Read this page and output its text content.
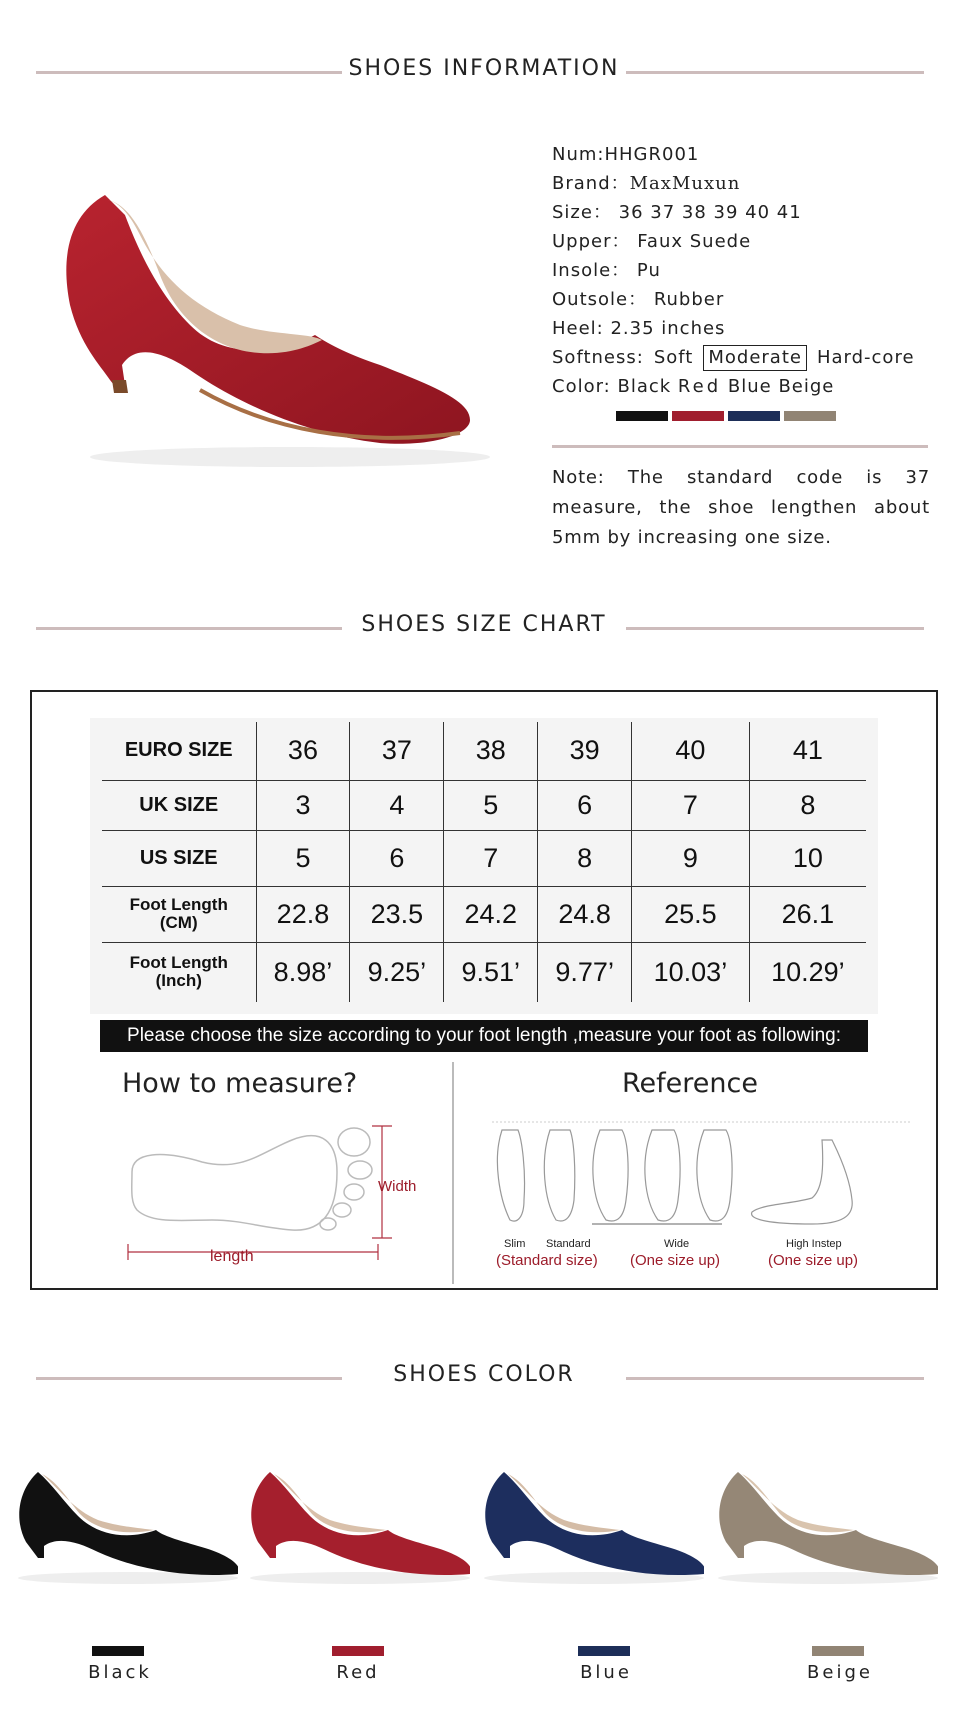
SHOES INFORMATION
Num:HHGR001
Brand：MaxMuxun
Size： 36 37 38 39 40 41
Upper： Faux Suede
Insole： Pu
Outsole： Rubber
Heel: 2.35 inches
Softness: Soft Moderate Hard-core
Color: Black Red Blue Beige
Note: The standard code is 37 measure, the shoe lengthen about 5mm by increasing one size.
SHOES SIZE CHART
EURO SIZE	36	37	38	39	40	41
UK SIZE	3	4	5	6	7	8
US SIZE	5	6	7	8	9	10

Foot Length
(CM)	22.8	23.5	24.2	24.8	25.5	26.1

Foot Length
(Inch)	8.98’	9.25’	9.51’	9.77’	10.03’	10.29’
Please choose the size according to your foot length ,measure your foot as following:
How to measure?	Reference
Width
length
Slim Standard	Wide	High Instep
(Standard size) (One size up)	(One size up)
SHOES COLOR
Black	Red	Blue	Beige
